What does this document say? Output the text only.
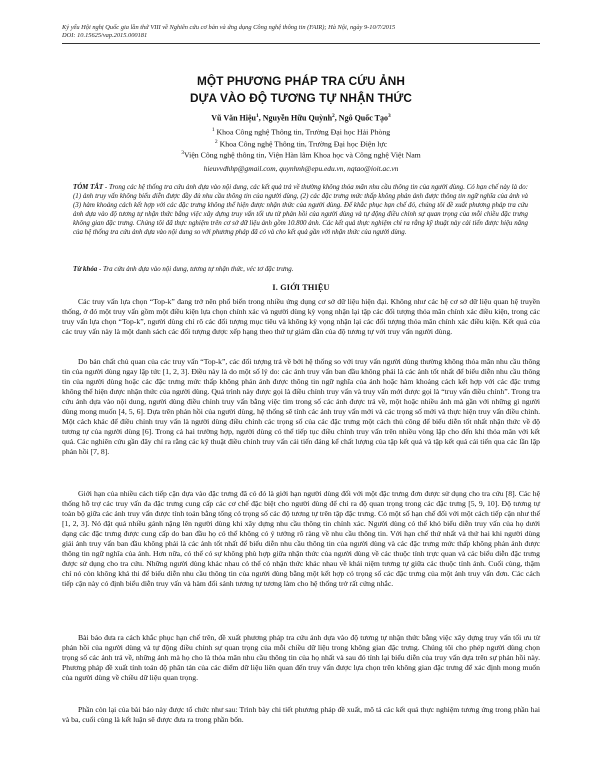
Kỷ yếu Hội nghị Quốc gia lần thứ VIII về Nghiên cứu cơ bản và ứng dụng Công nghệ thông tin (FAIR); Hà Nội, ngày 9-10/7/2015
DOI: 10.15625/vap.2015.000181
MỘT PHƯƠNG PHÁP TRA CỨU ẢNH
DỰA VÀO ĐỘ TƯƠNG TỰ NHẬN THỨC
Vũ Văn Hiệu$^1$, Nguyễn Hữu Quỳnh$^2$, Ngô Quốc Tạo$^3$
$^1$ Khoa Công nghệ Thông tin, Trường Đại học Hải Phòng
$^2$ Khoa Công nghệ Thông tin, Trường Đại học Điện lực
$^3$Viện Công nghệ thông tin, Viện Hàn lâm Khoa học và Công nghệ Việt Nam
hieuvvdhhp@gmail.com, quynhnh@epu.edu.vn, nqtao@ioit.ac.vn
TÓM TẮT - Trong các hệ thống tra cứu ảnh dựa vào nội dung, các kết quả trả về thường không thỏa mãn nhu cầu thông tin của người dùng. Có hạn chế này là do: (1) ảnh truy vấn không biểu diễn được đầy đủ nhu cầu thông tin của người dùng, (2) các đặc trưng mức thấp không phản ánh được thông tin ngữ nghĩa của ảnh và (3) hàm khoảng cách kết hợp với các đặc trưng không thể hiện được nhận thức của người dùng. Để khắc phục hạn chế đó, chúng tôi đề xuất phương pháp tra cứu ảnh dựa vào độ tương tự nhận thức bằng việc xây dựng truy vấn tối ưu từ phản hồi của người dùng và tự động điều chỉnh sự quan trọng của mỗi chiều đặc trưng không gian đặc trưng. Chúng tôi đã thực nghiệm trên cơ sở dữ liệu ảnh gồm 10.800 ảnh. Các kết quả thực nghiệm chỉ ra rằng kỹ thuật này cải tiến được hiệu năng của hệ thống tra cứu ảnh dựa vào nội dung so với phương pháp đã có và cho kết quả gần với nhận thức của người dùng.
Từ khóa - Tra cứu ảnh dựa vào nội dung, tương tự nhận thức, véc tơ đặc trưng.
I. GIỚI THIỆU
Các truy vấn lựa chọn “Top-k” đang trở nên phổ biến trong nhiều ứng dụng cơ sở dữ liệu hiện đại. Không như các hệ cơ sở dữ liệu quan hệ truyền thống, ở đó một truy vấn gồm một điều kiện lựa chọn chính xác và người dùng kỳ vọng nhận lại tập các đối tượng thỏa mãn chính xác điều kiện, trong các truy vấn lựa chọn “Top-k”, người dùng chỉ rõ các đối tượng mục tiêu và không kỳ vọng nhận lại các đối tượng thỏa mãn chính xác điều kiện. Kết quả của các truy vấn này là một danh sách các đối tượng được xếp hạng theo thứ tự giảm dần của độ tương tự với truy vấn người dùng.
Do bản chất chủ quan của các truy vấn “Top-k”, các đối tượng trả về bởi hệ thống so với truy vấn người dùng thường không thỏa mãn nhu cầu thông tin của người dùng ngay lập tức [1, 2, 3]. Điều này là do một số lý do: các ảnh truy vấn ban đầu không phải là các ảnh tốt nhất để biểu diễn nhu cầu thông tin của người dùng hoặc các đặc trưng mức thấp không phản ánh được thông tin ngữ nghĩa của ảnh hoặc hàm khoảng cách kết hợp với các đặc trưng không thể hiện được nhận thức của người dùng. Quá trình này được gọi là điều chỉnh truy vấn và truy vấn mới được gọi là “truy vấn điều chỉnh”. Trong tra cứu ảnh dựa vào nội dung, người dùng điều chỉnh truy vấn bằng việc tìm trong số các ảnh được trả về, một hoặc nhiều ảnh mà gần với những gì người dùng mong muốn [4, 5, 6]. Dựa trên phản hồi của người dùng, hệ thống sẽ tính các ảnh truy vấn mới và các trọng số mới và thực hiện truy vấn điều chỉnh. Một cách khác để điều chỉnh truy vấn là người dùng điều chỉnh các trọng số của các đặc trưng một cách thủ công để biểu diễn tốt nhất nhận thức về độ tương tự của người dùng [6]. Trong cả hai trường hợp, người dùng có thể tiếp tục điều chỉnh truy vấn trên nhiều vòng lặp cho đến khi thỏa mãn với kết quả. Các nghiên cứu gần đây chỉ ra rằng các kỹ thuật điều chỉnh truy vấn cải tiến đáng kể chất lượng của tập kết quả và tập kết quả cải tiến qua các lần lặp phản hồi [7, 8].
Giới hạn của nhiều cách tiếp cận dựa vào đặc trưng đã có đó là giới hạn người dùng đối với một đặc trưng đơn được sử dụng cho tra cứu [8]. Các hệ thống hỗ trợ các truy vấn đa đặc trưng cung cấp các cơ chế đặc biệt cho người dùng để chỉ ra độ quan trọng trong các đặc trưng [5, 9, 10]. Độ tương tự toàn bộ giữa các ảnh truy vấn được tính toán bằng tổng có trọng số các độ tương tự trên tập đặc trưng. Có một số hạn chế đối với một cách tiếp cận như thế [1, 2, 3]. Nó đặt quá nhiều gánh nặng lên người dùng khi xây dựng nhu cầu thông tin chính xác. Người dùng có thể khó biểu diễn truy vấn của họ dưới dạng các đặc trưng được cung cấp do ban đầu họ có thể không có ý tưởng rõ ràng về nhu cầu thông tin. Với hạn chế thứ nhất và thứ hai khi người dùng giải ảnh truy vấn ban đầu không phải là các ảnh tốt nhất để biểu diễn nhu cầu thông tin của người dùng và các đặc trưng mức thấp không phản ánh được thông tin ngữ nghĩa của ảnh. Hơn nữa, có thể có sự không phù hợp giữa nhận thức của người dùng về các thuộc tính trực quan và các biểu diễn đặc trưng được sử dụng cho tra cứu. Những người dùng khác nhau có thể có nhận thức khác nhau về khái niệm tương tự giữa các thuộc tính ảnh. Cuối cùng, thậm chí nó còn không khả thi để biểu diễn nhu cầu thông tin của người dùng bằng một kết hợp có trọng số các đặc trưng của một ảnh truy vấn đơn. Các cách tiếp cận này có định biểu diễn truy vấn và hàm đối sánh tương tự tương làm cho hệ thống trở rất cứng nhắc.
Bài báo đưa ra cách khắc phục hạn chế trên, đề xuất phương pháp tra cứu ảnh dựa vào độ tương tự nhận thức bằng việc xây dựng truy vấn tối ưu từ phản hồi của người dùng và tự động điều chỉnh sự quan trọng của mỗi chiều dữ liệu trong không gian đặc trưng. Chúng tôi cho phép người dùng chọn trọng số các ảnh trả về, những ảnh mà họ cho là thỏa mãn nhu cầu thông tin của họ nhất và sau đó tính lại biểu diễn của truy vấn dựa trên sự phản hồi này. Phương pháp đề xuất tính toán độ phân tán của các điểm dữ liệu liên quan đến truy vấn được lựa chọn trên không gian đặc trưng để xác định mong muốn của người dùng về chiều dữ liệu quan trọng.
Phần còn lại của bài báo này được tổ chức như sau: Trình bày chi tiết phương pháp đề xuất, mô tả các kết quả thực nghiệm tương ứng trong phần hai và ba, cuối cùng là kết luận sẽ được đưa ra trong phần bốn.
